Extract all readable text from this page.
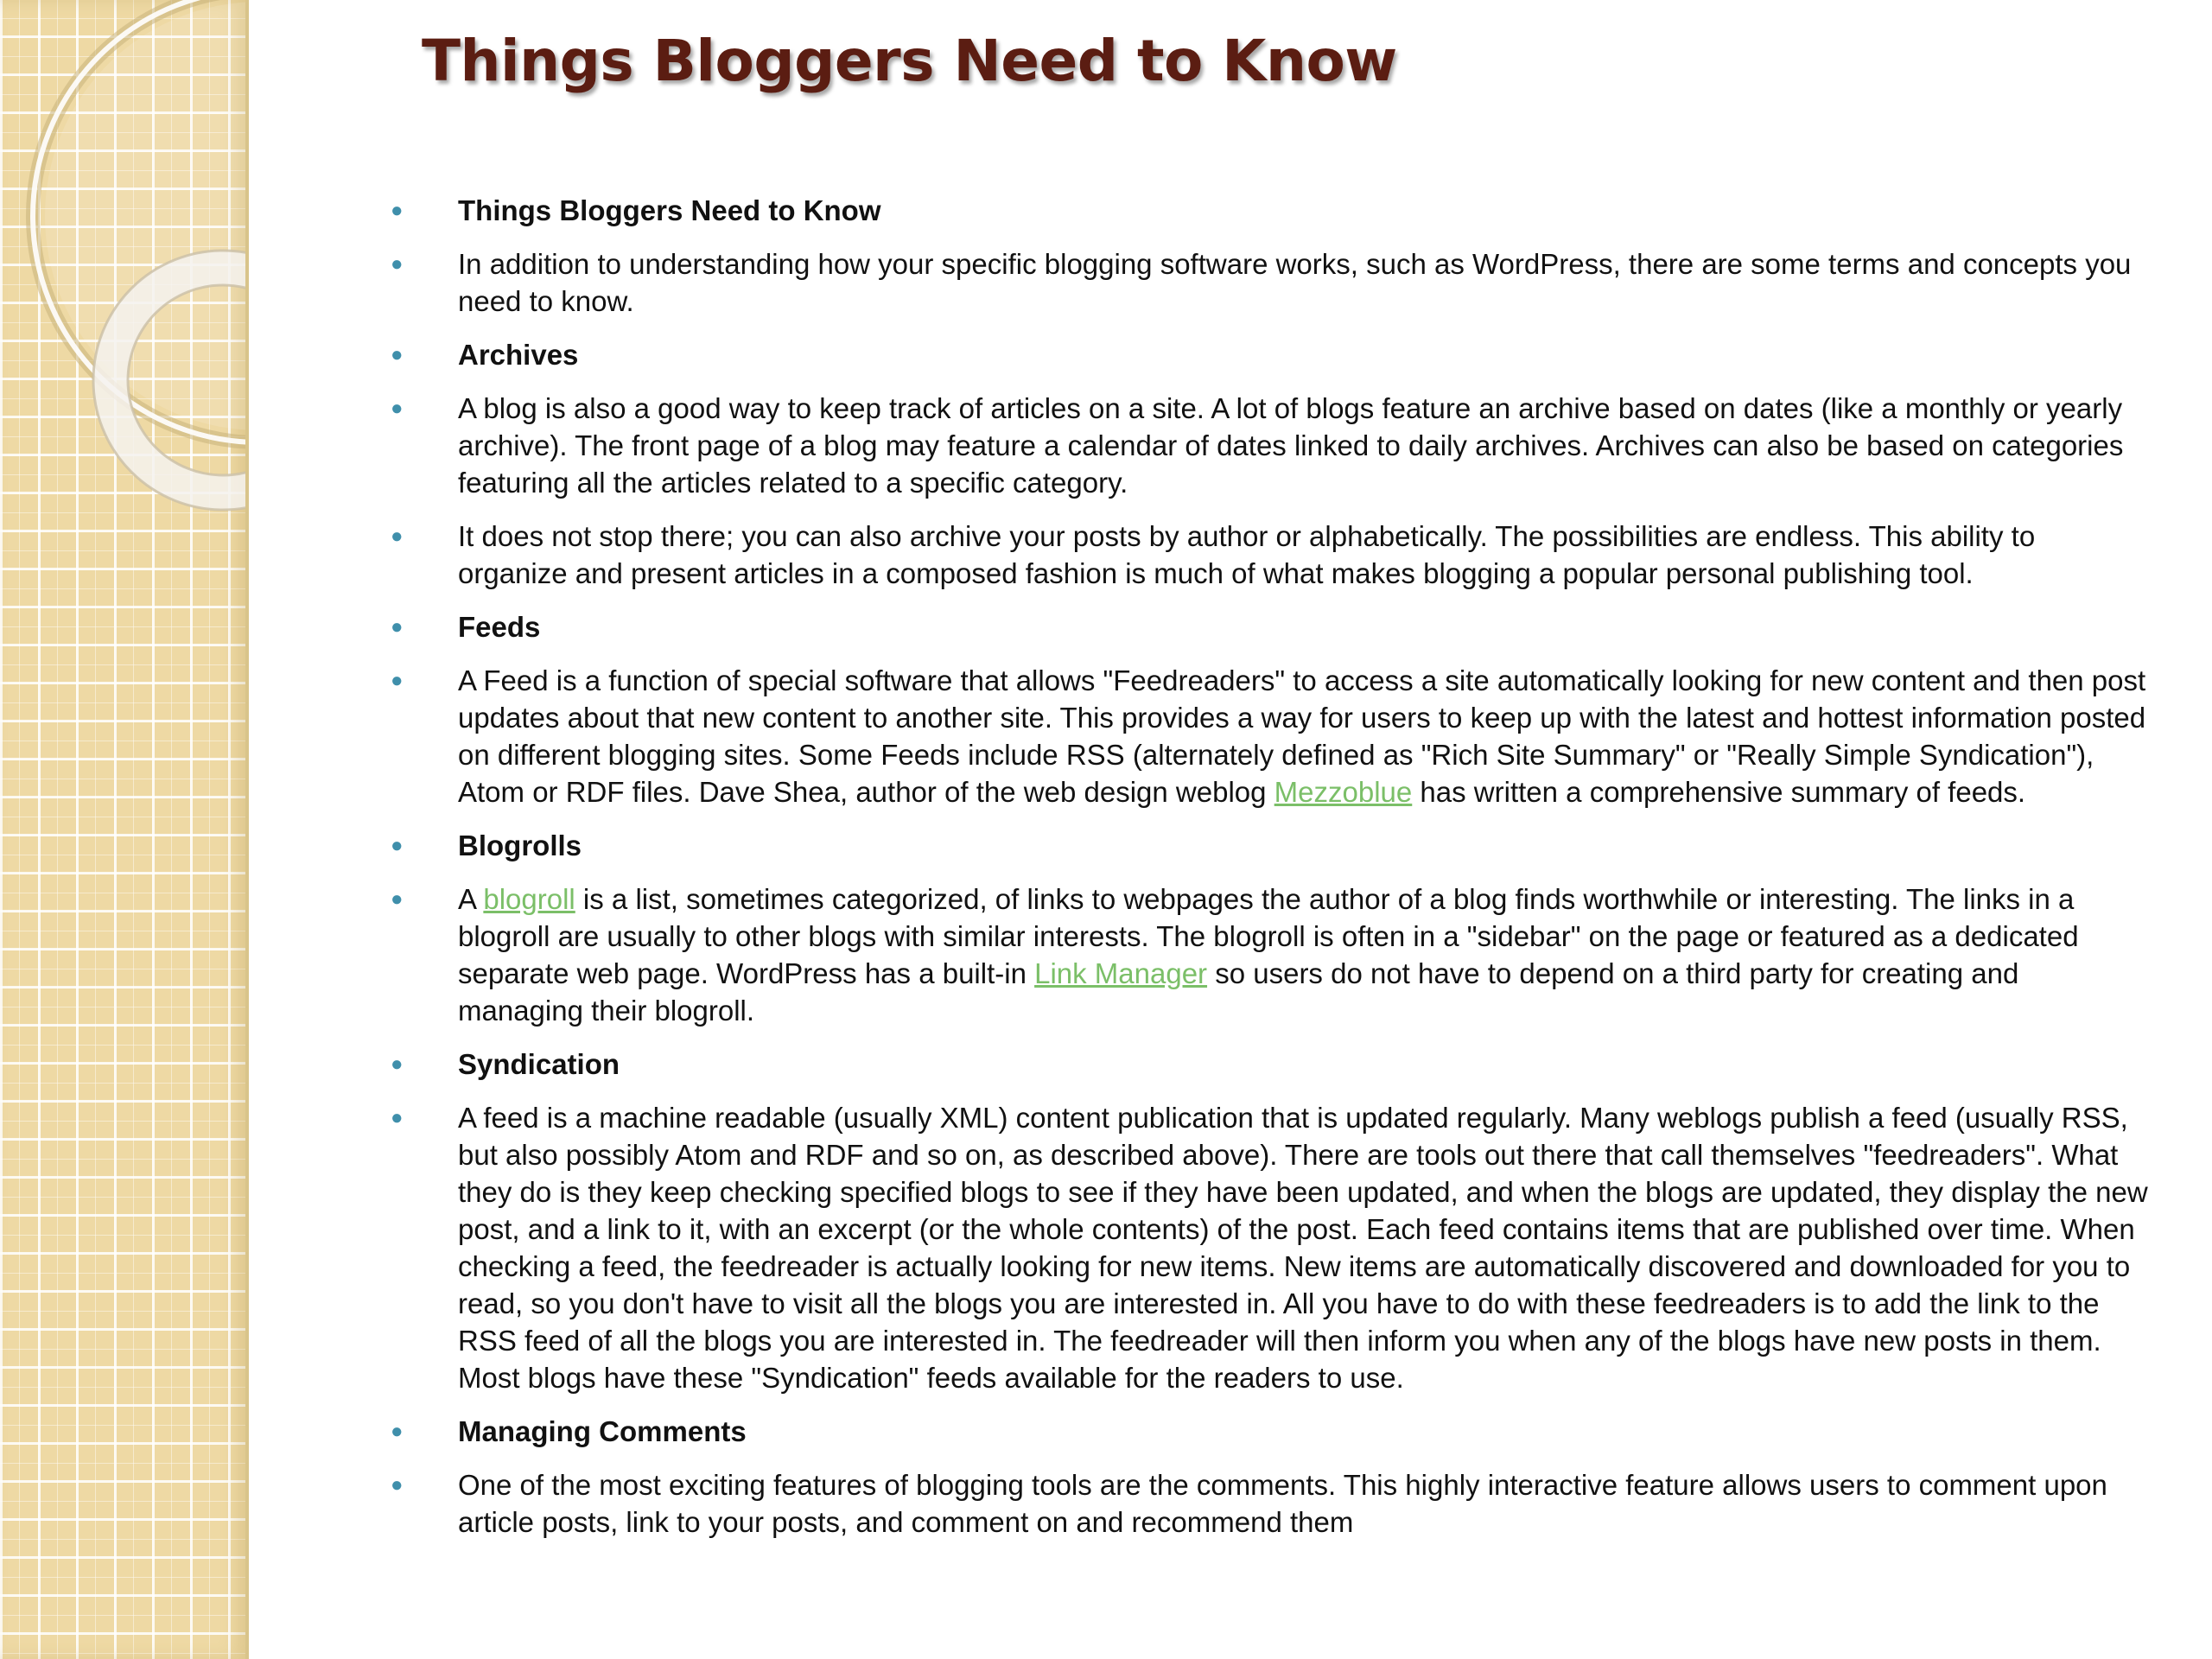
Things Bloggers Need to Know
● Things Bloggers Need to Know
● In addition to understanding how your specific blogging software works, such as WordPress, there are some terms and concepts you need to know.
● Archives
● A blog is also a good way to keep track of articles on a site. A lot of blogs feature an archive based on dates (like a monthly or yearly archive). The front page of a blog may feature a calendar of dates linked to daily archives. Archives can also be based on categories featuring all the articles related to a specific category.
● It does not stop there; you can also archive your posts by author or alphabetically. The possibilities are endless. This ability to organize and present articles in a composed fashion is much of what makes blogging a popular personal publishing tool.
● Feeds
● A Feed is a function of special software that allows "Feedreaders" to access a site automatically looking for new content and then post updates about that new content to another site. This provides a way for users to keep up with the latest and hottest information posted on different blogging sites. Some Feeds include RSS (alternately defined as "Rich Site Summary" or "Really Simple Syndication"), Atom or RDF files. Dave Shea, author of the web design weblog Mezzoblue has written a comprehensive summary of feeds.
● Blogrolls
● A blogroll is a list, sometimes categorized, of links to webpages the author of a blog finds worthwhile or interesting. The links in a blogroll are usually to other blogs with similar interests. The blogroll is often in a "sidebar" on the page or featured as a dedicated separate web page. WordPress has a built-in Link Manager so users do not have to depend on a third party for creating and managing their blogroll.
● Syndication
● A feed is a machine readable (usually XML) content publication that is updated regularly. Many weblogs publish a feed (usually RSS, but also possibly Atom and RDF and so on, as described above). There are tools out there that call themselves "feedreaders". What they do is they keep checking specified blogs to see if they have been updated, and when the blogs are updated, they display the new post, and a link to it, with an excerpt (or the whole contents) of the post. Each feed contains items that are published over time. When checking a feed, the feedreader is actually looking for new items. New items are automatically discovered and downloaded for you to read, so you don't have to visit all the blogs you are interested in. All you have to do with these feedreaders is to add the link to the RSS feed of all the blogs you are interested in. The feedreader will then inform you when any of the blogs have new posts in them. Most blogs have these "Syndication" feeds available for the readers to use.
● Managing Comments
● One of the most exciting features of blogging tools are the comments. This highly interactive feature allows users to comment upon article posts, link to your posts, and comment on and recommend them
